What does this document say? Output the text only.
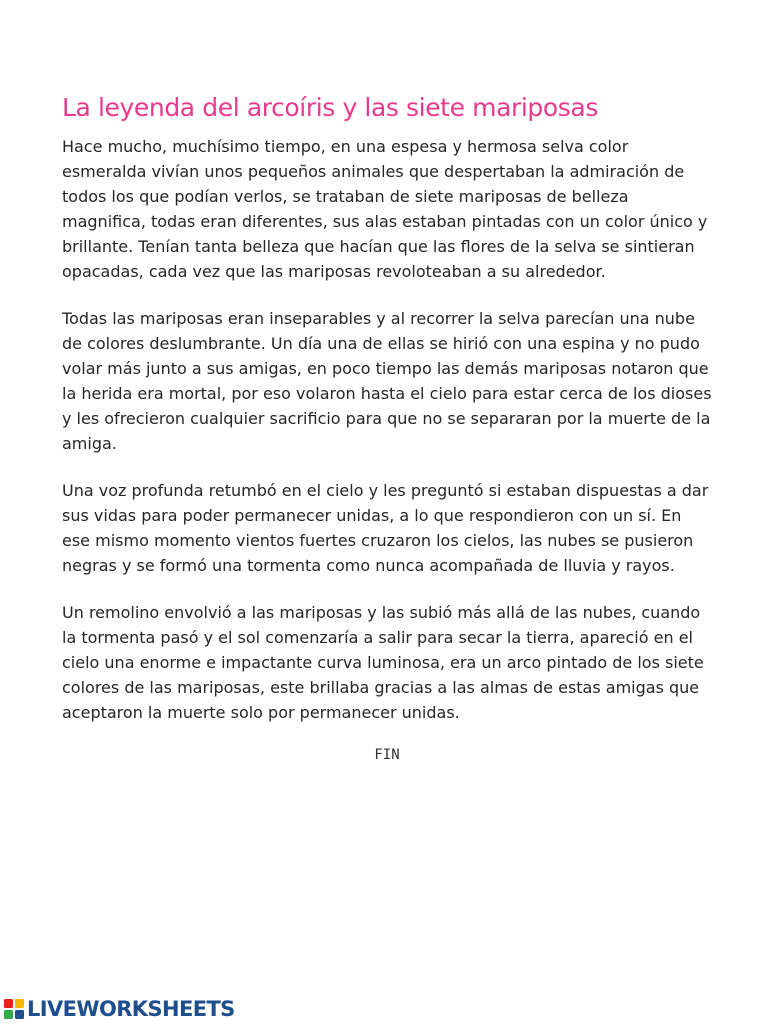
La leyenda del arcoíris y las siete mariposas

Hace mucho, muchísimo tiempo, en una espesa y hermosa selva color esmeralda vivían unos pequeños animales que despertaban la admiración de todos los que podían verlos, se trataban de siete mariposas de belleza magnifica, todas eran diferentes, sus alas estaban pintadas con un color único y brillante. Tenían tanta belleza que hacían que las flores de la selva se sintieran opacadas, cada vez que las mariposas revoloteaban a su alrededor.

Todas las mariposas eran inseparables y al recorrer la selva parecían una nube de colores deslumbrante. Un día una de ellas se hirió con una espina y no pudo volar más junto a sus amigas, en poco tiempo las demás mariposas notaron que la herida era mortal, por eso volaron hasta el cielo para estar cerca de los dioses y les ofrecieron cualquier sacrificio para que no se separaran por la muerte de la amiga.

Una voz profunda retumbó en el cielo y les preguntó si estaban dispuestas a dar sus vidas para poder permanecer unidas, a lo que respondieron con un sí. En ese mismo momento vientos fuertes cruzaron los cielos, las nubes se pusieron negras y se formó una tormenta como nunca acompañada de lluvia y rayos.

Un remolino envolvió a las mariposas y las subió más allá de las nubes, cuando la tormenta pasó y el sol comenzaría a salir para secar la tierra, apareció en el cielo una enorme e impactante curva luminosa, era un arco pintado de los siete colores de las mariposas, este brillaba gracias a las almas de estas amigas que aceptaron la muerte solo por permanecer unidas.

FIN
LIVEWORKSHEETS
